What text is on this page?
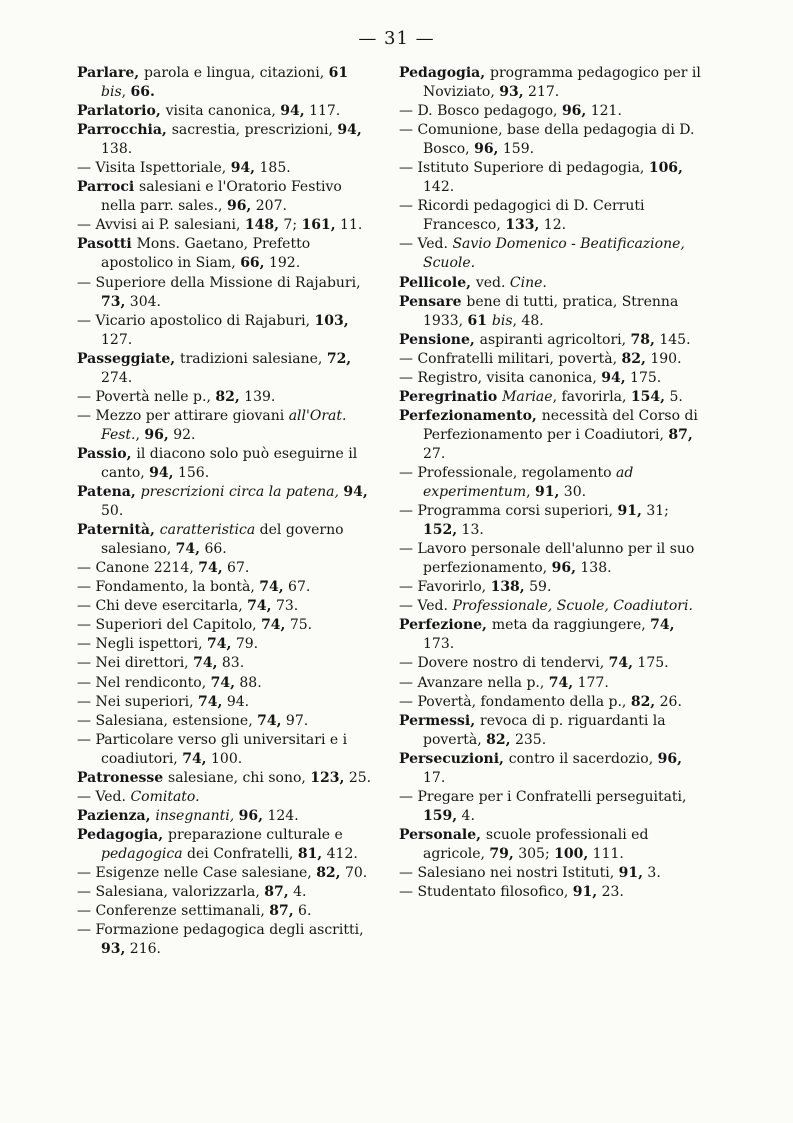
— 31 —

Parlare, parola e lingua, citazioni, 61 bis, 66.

Parlatorio, visita canonica, 94, 117.

Parrocchia, sacrestia, prescrizioni, 94, 138.

— Visita Ispettoriale, 94, 185.

Parroci salesiani e l'Oratorio Festivo nella parr. sales., 96, 207.

— Avvisi ai P. salesiani, 148, 7; 161, 11.

Pasotti Mons. Gaetano, Prefetto apostolico in Siam, 66, 192.

— Superiore della Missione di Rajaburi, 73, 304.

— Vicario apostolico di Rajaburi, 103, 127.

Passeggiate, tradizioni salesiane, 72, 274.

— Povertà nelle p., 82, 139.

— Mezzo per attirare giovani all'Orat. Fest., 96, 92.

Passio, il diacono solo può eseguirne il canto, 94, 156.

Patena, prescrizioni circa la patena, 94, 50.

Paternità, caratteristica del governo salesiano, 74, 66.

— Canone 2214, 74, 67.

— Fondamento, la bontà, 74, 67.

— Chi deve esercitarla, 74, 73.

— Superiori del Capitolo, 74, 75.

— Negli ispettori, 74, 79.

— Nei direttori, 74, 83.

— Nel rendiconto, 74, 88.

— Nei superiori, 74, 94.

— Salesiana, estensione, 74, 97.

— Particolare verso gli universitari e i coadiutori, 74, 100.

Patronesse salesiane, chi sono, 123, 25.

— Ved. Comitato.

Pazienza, insegnanti, 96, 124.

Pedagogia, preparazione culturale e pedagogica dei Confratelli, 81, 412.

— Esigenze nelle Case salesiane, 82, 70.

— Salesiana, valorizzarla, 87, 4.

— Conferenze settimanali, 87, 6.

— Formazione pedagogica degli ascritti, 93, 216.

Pedagogia, programma pedagogico per il Noviziato, 93, 217.

— D. Bosco pedagogo, 96, 121.

— Comunione, base della pedagogia di D. Bosco, 96, 159.

— Istituto Superiore di pedagogia, 106, 142.

— Ricordi pedagogici di D. Cerruti Francesco, 133, 12.

— Ved. Savio Domenico - Beatificazione, Scuole.

Pellicole, ved. Cine.

Pensare bene di tutti, pratica, Strenna 1933, 61 bis, 48.

Pensione, aspiranti agricoltori, 78, 145.

— Confratelli militari, povertà, 82, 190.

— Registro, visita canonica, 94, 175.

Peregrinatio Mariae, favorirla, 154, 5.

Perfezionamento, necessità del Corso di Perfezionamento per i Coadiutori, 87, 27.

— Professionale, regolamento ad experimentum, 91, 30.

— Programma corsi superiori, 91, 31; 152, 13.

— Lavoro personale dell'alunno per il suo perfezionamento, 96, 138.

— Favorirlo, 138, 59.

— Ved. Professionale, Scuole, Coadiutori.

Perfezione, meta da raggiungere, 74, 173.

— Dovere nostro di tendervi, 74, 175.

— Avanzare nella p., 74, 177.

— Povertà, fondamento della p., 82, 26.

Permessi, revoca di p. riguardanti la povertà, 82, 235.

Persecuzioni, contro il sacerdozio, 96, 17.

— Pregare per i Confratelli perseguitati, 159, 4.

Personale, scuole professionali ed agricole, 79, 305; 100, 111.

— Salesiano nei nostri Istituti, 91, 3.

— Studentato filosofico, 91, 23.
